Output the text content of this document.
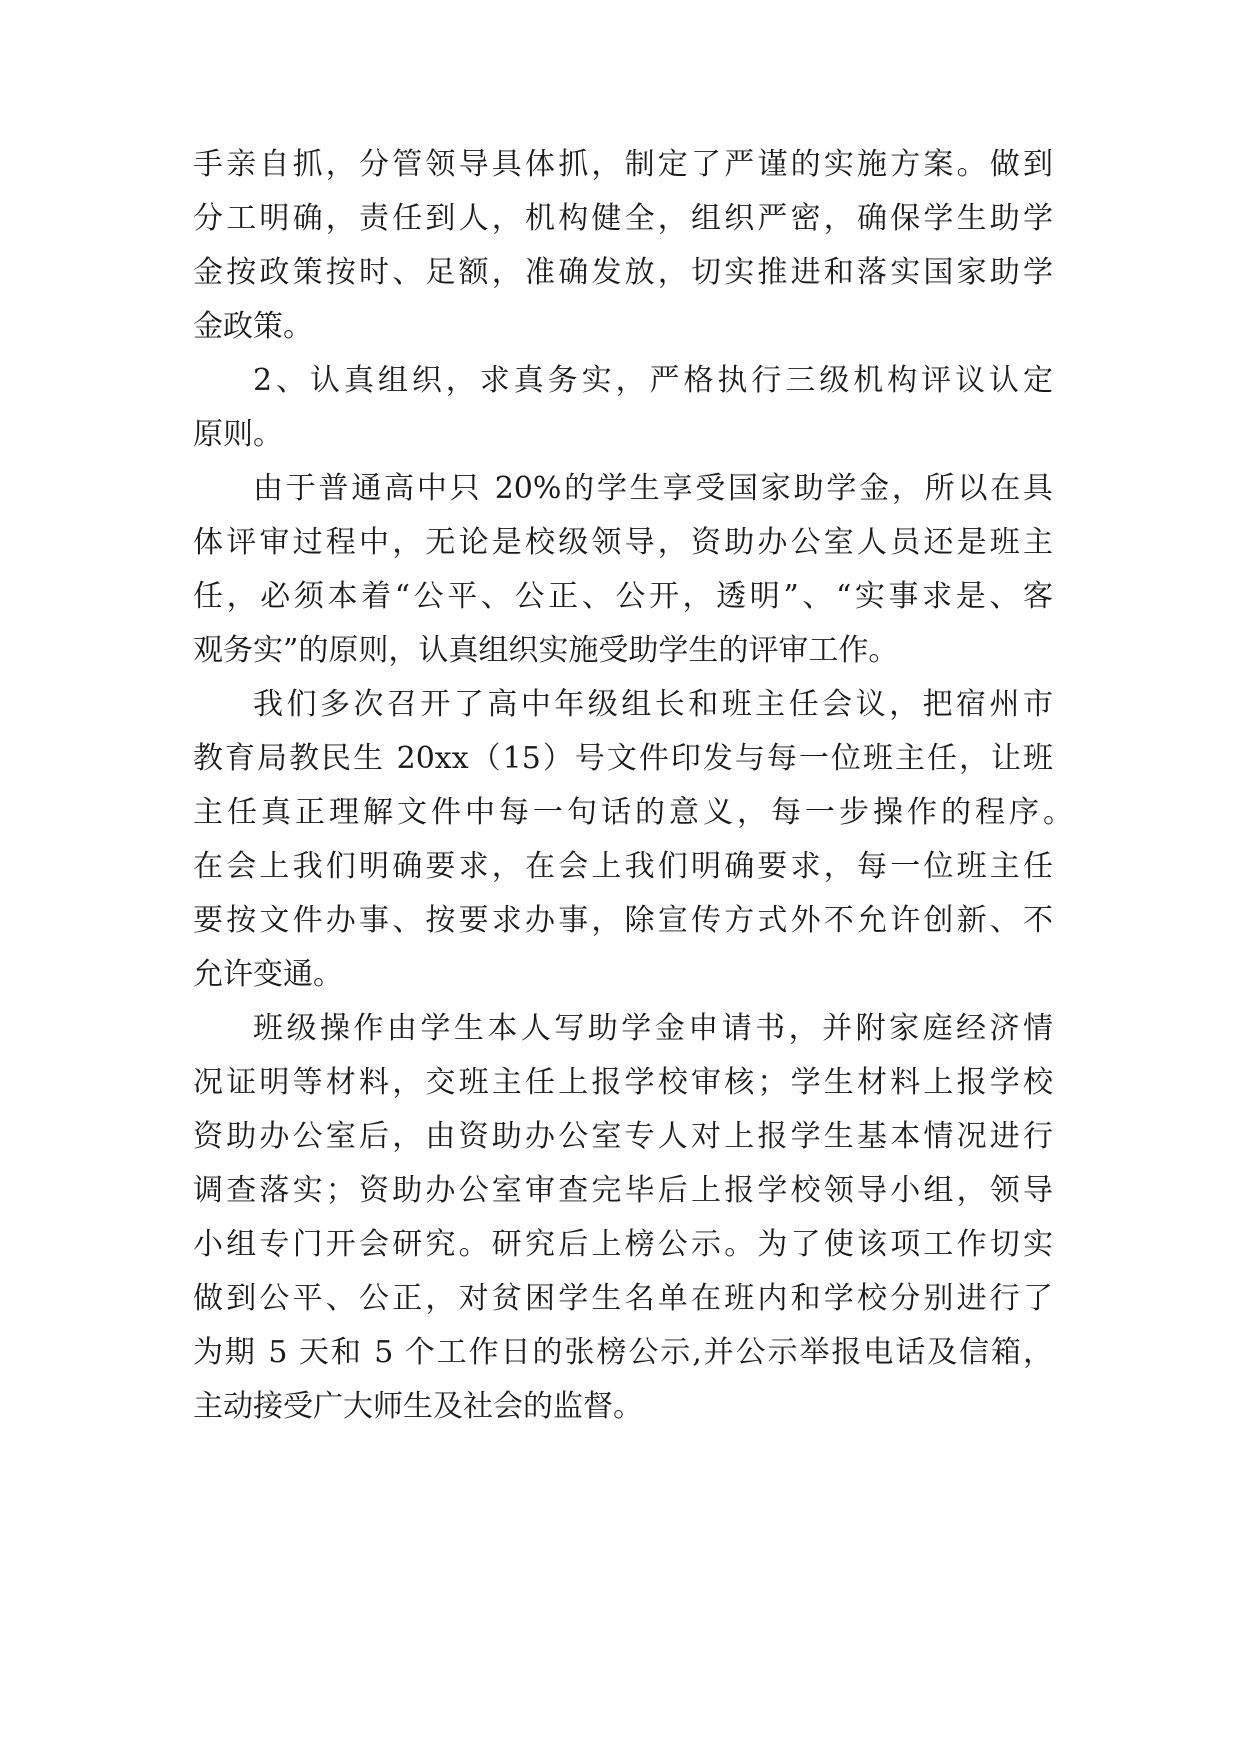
手亲自抓，分管领导具体抓，制定了严谨的实施方案。做到
分工明确，责任到人，机构健全，组织严密，确保学生助学
金按政策按时、足额，准确发放，切实推进和落实国家助学
金政策。
2、认真组织，求真务实，严格执行三级机构评议认定
原则。
由于普通高中只 20%的学生享受国家助学金，所以在具
体评审过程中，无论是校级领导，资助办公室人员还是班主
任，必须本着“公平、公正、公开，透明”、“实事求是、客
观务实”的原则，认真组织实施受助学生的评审工作。
我们多次召开了高中年级组长和班主任会议，把宿州市
教育局教民生 20xx（15）号文件印发与每一位班主任，让班
主任真正理解文件中每一句话的意义，每一步操作的程序。
在会上我们明确要求，在会上我们明确要求，每一位班主任
要按文件办事、按要求办事，除宣传方式外不允许创新、不
允许变通。
班级操作由学生本人写助学金申请书，并附家庭经济情
况证明等材料，交班主任上报学校审核；学生材料上报学校
资助办公室后，由资助办公室专人对上报学生基本情况进行
调查落实；资助办公室审查完毕后上报学校领导小组，领导
小组专门开会研究。研究后上榜公示。为了使该项工作切实
做到公平、公正，对贫困学生名单在班内和学校分别进行了
为期 5 天和 5 个工作日的张榜公示,并公示举报电话及信箱，
主动接受广大师生及社会的监督。
